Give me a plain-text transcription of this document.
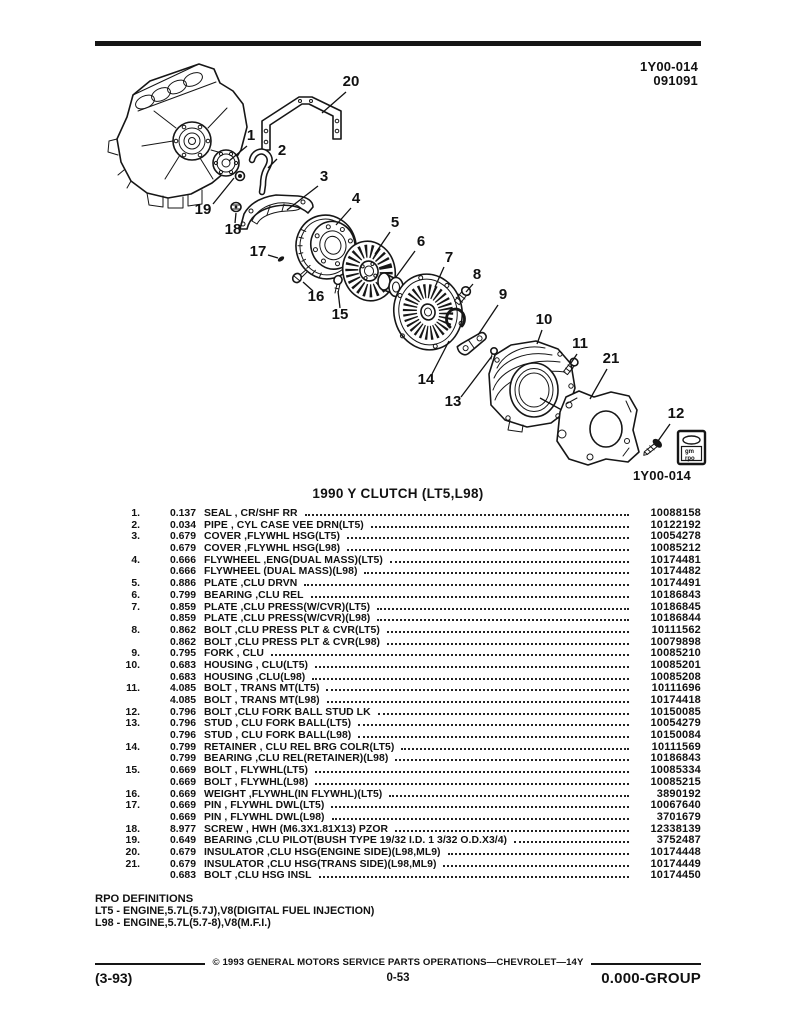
1Y00-014
091091
gm
rpo
1Y00-014
20
1
2
19
18
3
4
17
5
6
16
15
7
8
9
14
13
10
11
21
12
1990 Y CLUTCH (LT5,L98)
1.	0.137 SEAL , CR/SHF RR	10088158
2.	0.034 PIPE , CYL CASE VEE DRN(LT5)	10122192
3.	0.679 COVER ,FLYWHL HSG(LT5)	10054278
0.679 COVER ,FLYWHL HSG(L98)	10085212
4.	0.666 FLYWHEEL ,ENG(DUAL MASS)(LT5)	10174481
0.666 FLYWHEEL (DUAL MASS)(L98)	10174482
5.	0.886 PLATE ,CLU DRVN	10174491
6.	0.799 BEARING ,CLU REL	10186843
7.	0.859 PLATE ,CLU PRESS(W/CVR)(LT5)	10186845
0.859 PLATE ,CLU PRESS(W/CVR)(L98)	10186844
8.	0.862 BOLT ,CLU PRESS PLT & CVR(LT5)	10111562
0.862 BOLT ,CLU PRESS PLT & CVR(L98)	10079898
9.	0.795 FORK , CLU	10085210
10.	0.683 HOUSING , CLU(LT5)	10085201
0.683 HOUSING ,CLU(L98)	10085208
11.	4.085 BOLT , TRANS MT(LT5)	10111696
4.085 BOLT , TRANS MT(L98)	10174418
12.	0.796 BOLT ,CLU FORK BALL STUD LK	10150085
13.	0.796 STUD , CLU FORK BALL(LT5)	10054279
0.796 STUD , CLU FORK BALL(L98)	10150084
14.	0.799 RETAINER , CLU REL BRG COLR(LT5)	10111569
0.799 BEARING ,CLU REL(RETAINER)(L98)	10186843
15.	0.669 BOLT , FLYWHL(LT5)	10085334
0.669 BOLT , FLYWHL(L98)	10085215
16.	0.669 WEIGHT ,FLYWHL(IN FLYWHL)(LT5)	3890192
17.	0.669 PIN , FLYWHL DWL(LT5)	10067640
0.669 PIN , FLYWHL DWL(L98)	3701679
18.	8.977 SCREW , HWH (M6.3X1.81X13) PZOR	12338139
19.	0.649 BEARING ,CLU PILOT(BUSH TYPE 19/32 I.D. 1 3/32 O.D.X3/4)	3752487
20.	0.679 INSULATOR ,CLU HSG(ENGINE SIDE)(L98,ML9)	10174448
21.	0.679 INSULATOR ,CLU HSG(TRANS SIDE)(L98,ML9)	10174449
0.683 BOLT ,CLU HSG INSL	10174450
RPO DEFINITIONS
LT5 - ENGINE,5.7L(5.7J),V8(DIGITAL FUEL INJECTION)
L98 - ENGINE,5.7L(5.7-8),V8(M.F.I.)
© 1993 GENERAL MOTORS SERVICE PARTS OPERATIONS—CHEVROLET—14Y
(3-93)	0-53	0.000-GROUP
